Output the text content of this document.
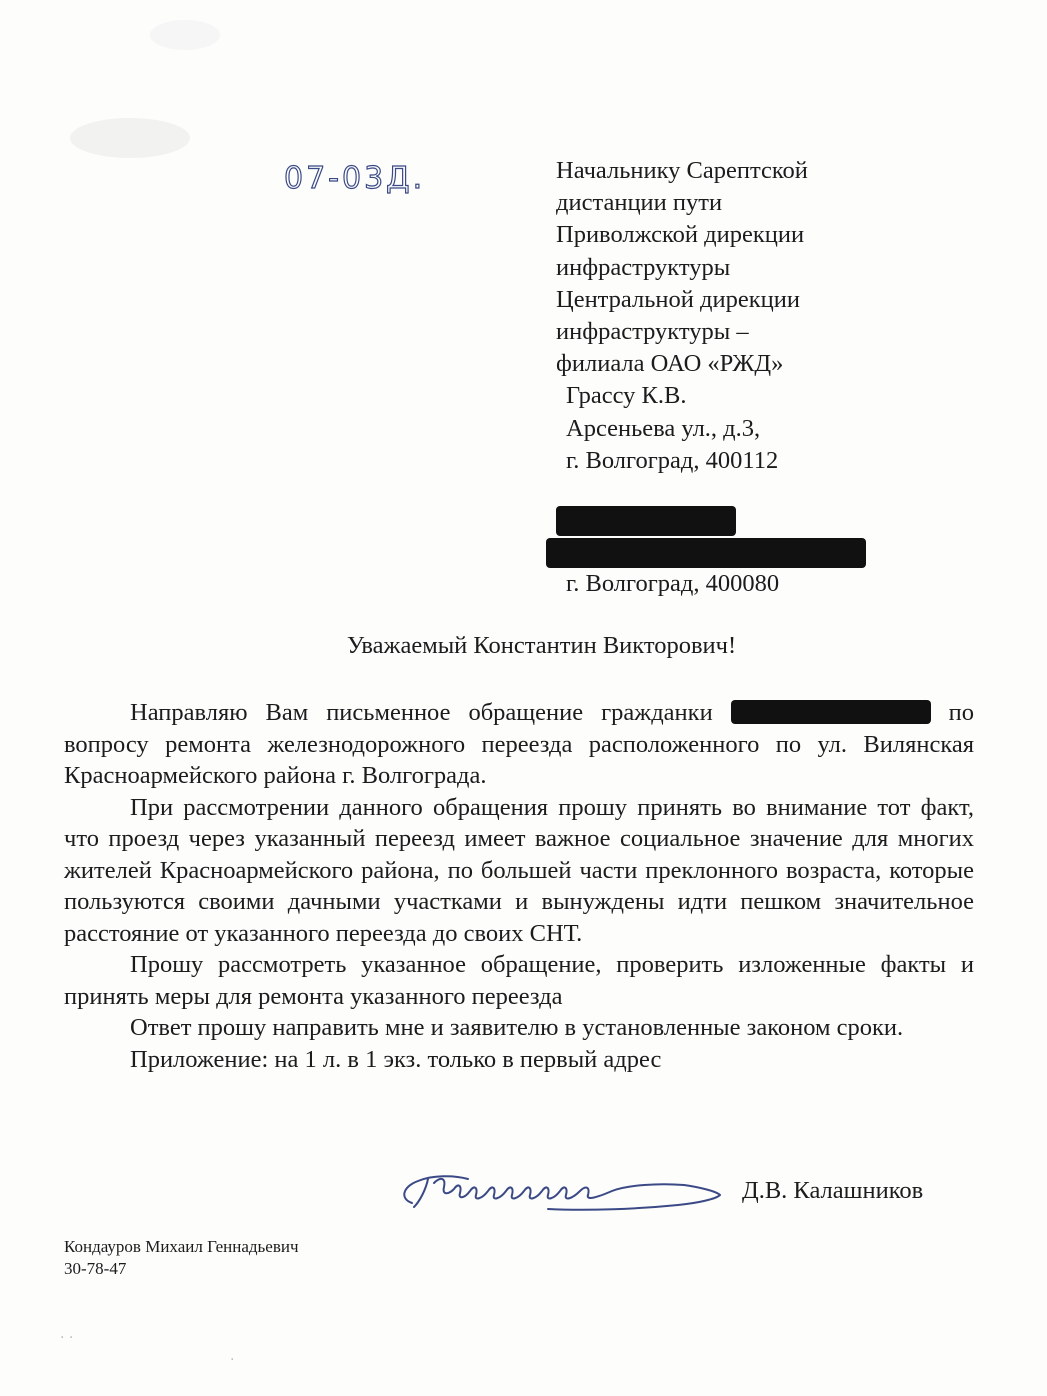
07-03Д.	Начальнику Сарептской
дистанции пути
Приволжской дирекции
инфраструктуры
Центральной дирекции
инфраструктуры –
филиала ОАО «РЖД»
Грассу К.В.
Арсеньева ул., д.3,
г. Волгоград, 400112
г. Волгоград, 400080
Уважаемый Константин Викторович!

Направляю Вам письменное обращение гражданки	по вопросу ремонта железнодорожного переезда расположенного по ул. Вилянская Красноармейского района г. Волгограда.

При рассмотрении данного обращения прошу принять во внимание тот факт, что проезд через указанный переезд имеет важное социальное значение для многих жителей Красноармейского района, по большей части преклонного возраста, которые пользуются своими дачными участками и вынуждены идти пешком значительное расстояние от указанного переезда до своих СНТ.

Прошу рассмотреть указанное обращение, проверить изложенные факты и принять меры для ремонта указанного переезда

Ответ прошу направить мне и заявителю в установленные законом сроки.

Приложение: на 1 л. в 1 экз. только в первый адрес

Д.В. Калашников
Кондауров Михаил Геннадьевич
30-78-47
· ·
·
